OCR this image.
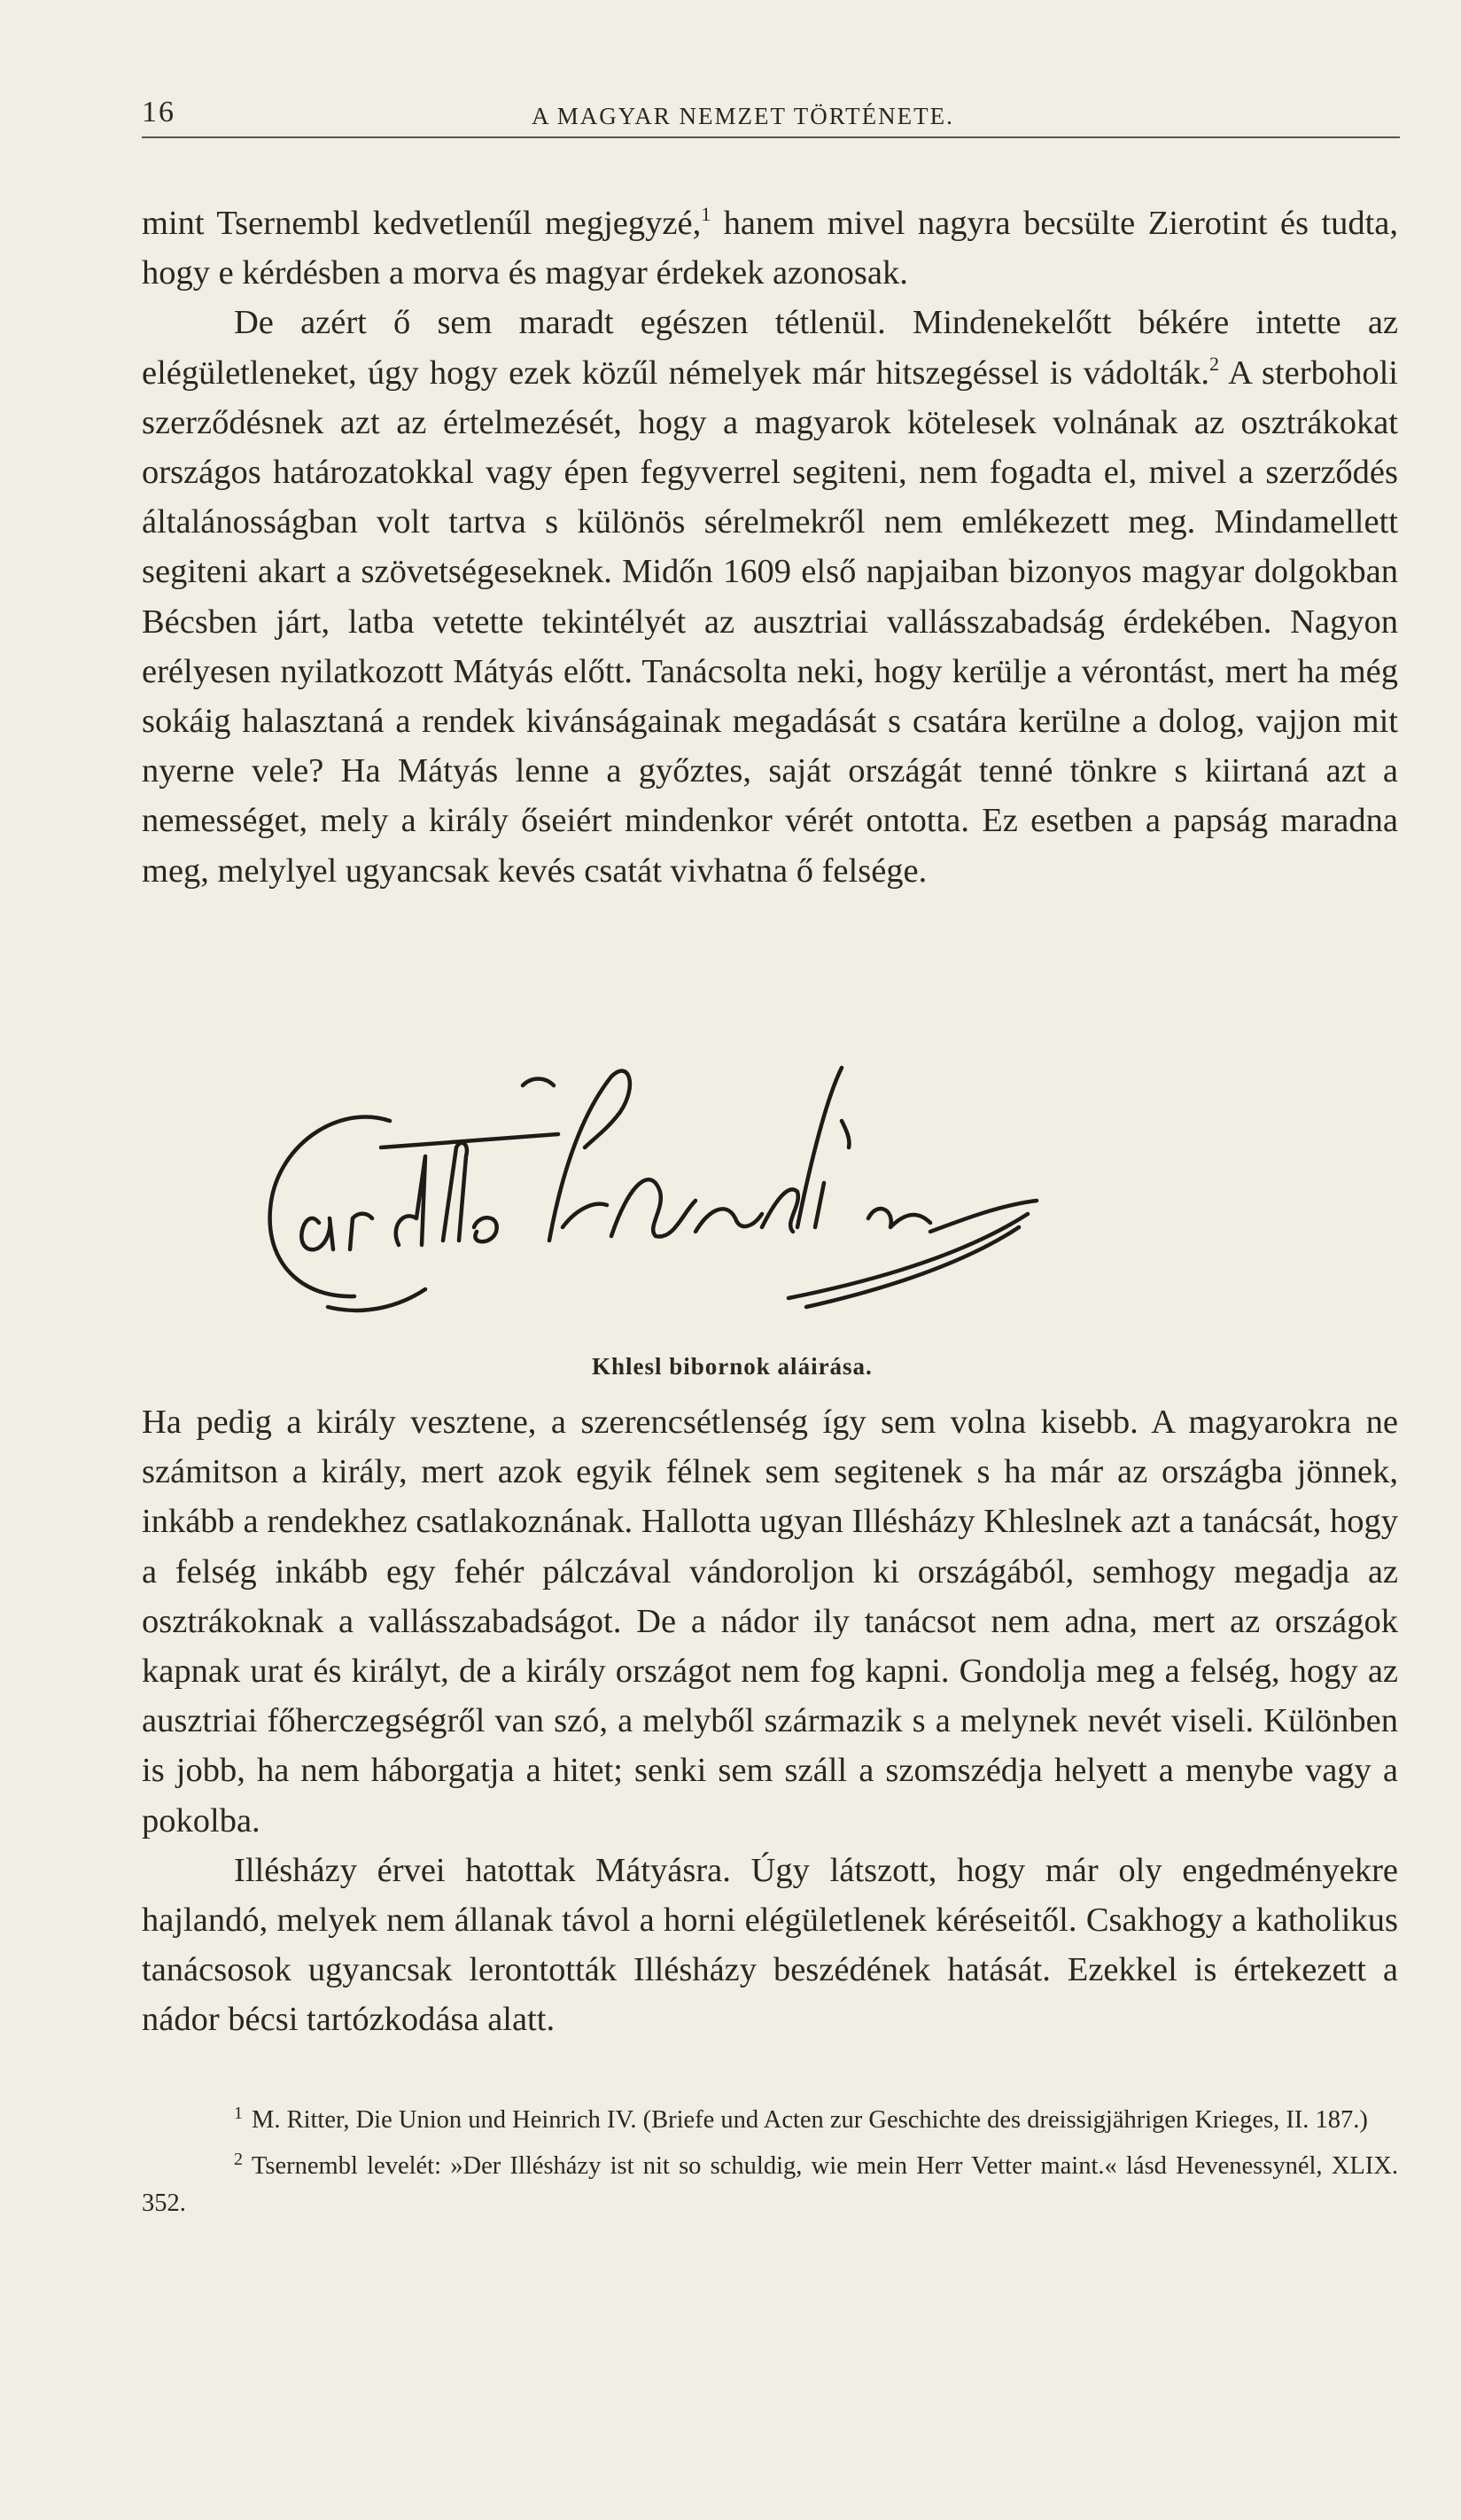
16	A MAGYAR NEMZET TÖRTÉNETE.

mint Tsernembl kedvetlenűl megjegyzé,$^1$ hanem mivel nagyra becsülte Zierotint és tudta, hogy e kérdésben a morva és magyar érdekek azonosak.

De azért ő sem maradt egészen tétlenül. Mindenekelőtt békére intette az elégületleneket, úgy hogy ezek közűl némelyek már hitszegéssel is vádolták.$^2$ A sterboholi szerződésnek azt az értelmezését, hogy a magyarok kötelesek volnának az osztrákokat országos határozatokkal vagy épen fegyverrel segiteni, nem fogadta el, mivel a szerződés általánosságban volt tartva s különös sérelmekről nem emlékezett meg. Mindamellett segiteni akart a szövetségeseknek. Midőn 1609 első napjaiban bizonyos magyar dolgokban Bécsben járt, latba vetette tekintélyét az ausztriai vallásszabadság érdekében. Nagyon erélyesen nyilatkozott Mátyás előtt. Tanácsolta neki, hogy kerülje a vérontást, mert ha még sokáig halasztaná a rendek kivánságainak megadását s csatára kerülne a dolog, vajjon mit nyerne vele? Ha Mátyás lenne a győztes, saját országát tenné tönkre s kiirtaná azt a nemességet, mely a király őseiért mindenkor vérét ontotta. Ez esetben a papság maradna meg, melylyel ugyancsak kevés csatát vivhatna ő felsége.

Khlesl bibornok aláirása.

Ha pedig a király vesztene, a szerencsétlenség így sem volna kisebb. A magyarokra ne számitson a király, mert azok egyik félnek sem segitenek s ha már az országba jönnek, inkább a rendekhez csatlakoznának. Hallotta ugyan Illésházy Khleslnek azt a tanácsát, hogy a felség inkább egy fehér pálczával vándoroljon ki országából, semhogy megadja az osztrákoknak a vallásszabadságot. De a nádor ily tanácsot nem adna, mert az országok kapnak urat és királyt, de a király országot nem fog kapni. Gondolja meg a felség, hogy az ausztriai főherczegségről van szó, a melyből származik s a melynek nevét viseli. Különben is jobb, ha nem háborgatja a hitet; senki sem száll a szomszédja helyett a menybe vagy a pokolba.

Illésházy érvei hatottak Mátyásra. Úgy látszott, hogy már oly engedményekre hajlandó, melyek nem állanak távol a horni elégületlenek kéréseitől. Csakhogy a katholikus tanácsosok ugyancsak lerontották Illésházy beszédének hatását. Ezekkel is értekezett a nádor bécsi tartózkodása alatt.

$^1$ M. Ritter, Die Union und Heinrich IV. (Briefe und Acten zur Geschichte des dreissigjährigen Krieges, II. 187.)

$^2$ Tsernembl levelét: »Der Illésházy ist nit so schuldig, wie mein Herr Vetter maint.« lásd Hevenessynél, XLIX. 352.
